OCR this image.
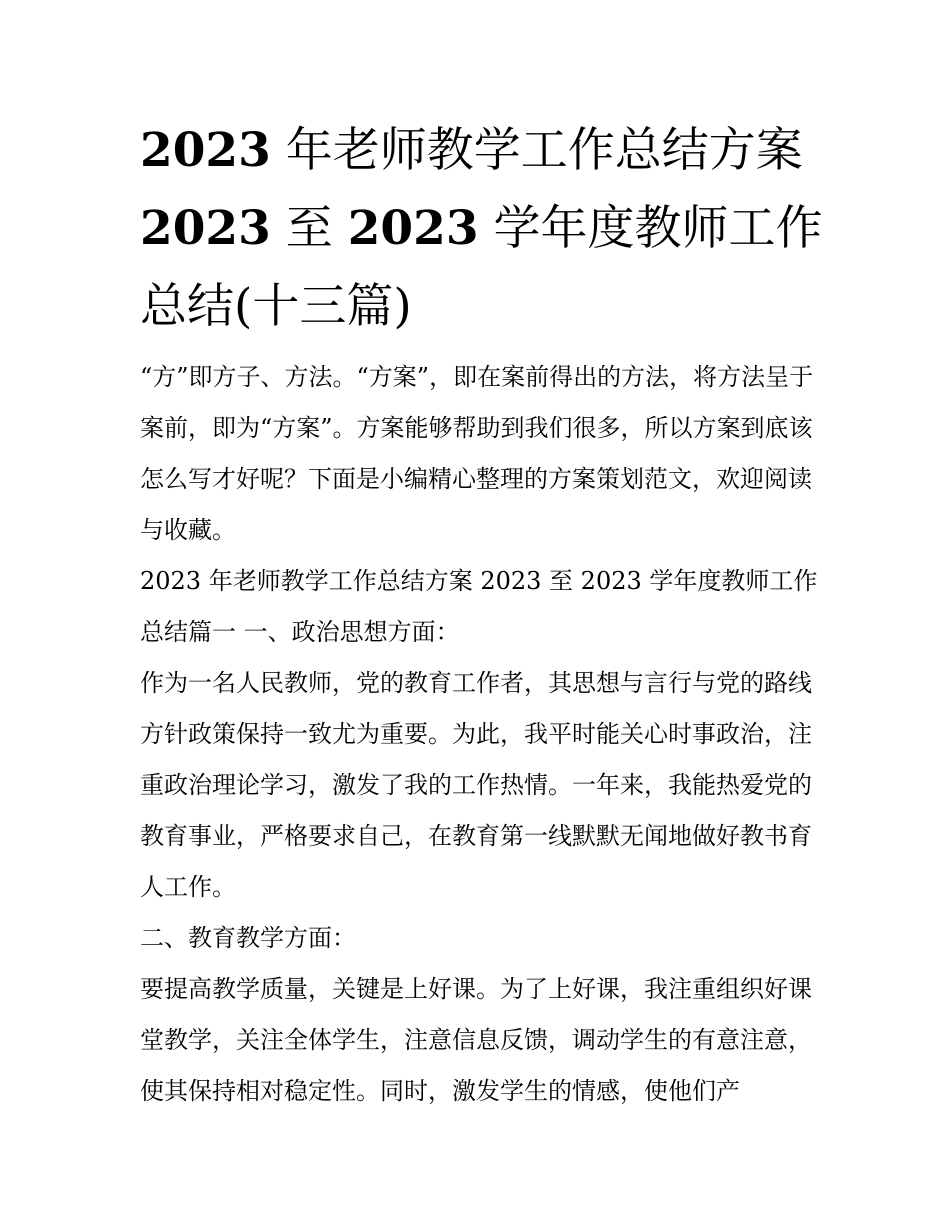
2023 年老师教学工作总结方案
2023 至 2023 学年度教师工作
总结(十三篇)

“方”即方子、方法。“方案”，即在案前得出的方法，将方法呈于案前，即为“方案”。方案能够帮助到我们很多，所以方案到底该怎么写才好呢？下面是小编精心整理的方案策划范文，欢迎阅读与收藏。

2023 年老师教学工作总结方案 2023 至 2023 学年度教师工作总结篇一 一、政治思想方面：

作为一名人民教师，党的教育工作者，其思想与言行与党的路线方针政策保持一致尤为重要。为此，我平时能关心时事政治，注重政治理论学习，激发了我的工作热情。一年来，我能热爱党的教育事业，严格要求自己，在教育第一线默默无闻地做好教书育人工作。

二、教育教学方面：

要提高教学质量，关键是上好课。为了上好课，我注重组织好课堂教学，关注全体学生，注意信息反馈，调动学生的有意注意，使其保持相对稳定性。同时，激发学生的情感，使他们产
